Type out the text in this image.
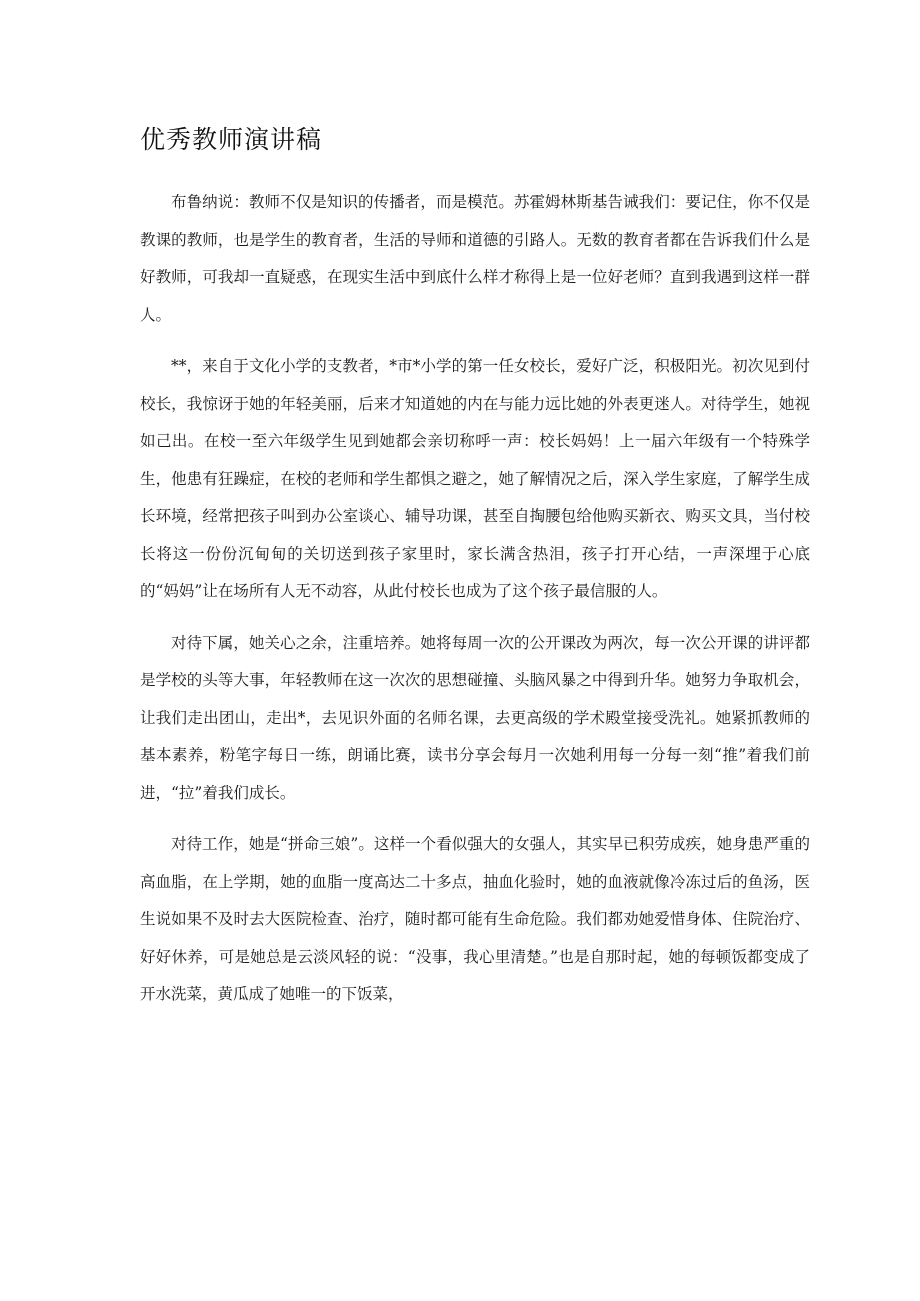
优秀教师演讲稿

布鲁纳说：教师不仅是知识的传播者，而是模范。苏霍姆林斯基告诫我们：要记住，你不仅是教课的教师，也是学生的教育者，生活的导师和道德的引路人。无数的教育者都在告诉我们什么是好教师，可我却一直疑惑，在现实生活中到底什么样才称得上是一位好老师？直到我遇到这样一群人。

**，来自于文化小学的支教者，*市*小学的第一任女校长，爱好广泛，积极阳光。初次见到付校长，我惊讶于她的年轻美丽，后来才知道她的内在与能力远比她的外表更迷人。对待学生，她视如己出。在校一至六年级学生见到她都会亲切称呼一声：校长妈妈！上一届六年级有一个特殊学生，他患有狂躁症，在校的老师和学生都惧之避之，她了解情况之后，深入学生家庭，了解学生成长环境，经常把孩子叫到办公室谈心、辅导功课，甚至自掏腰包给他购买新衣、购买文具，当付校长将这一份份沉甸甸的关切送到孩子家里时，家长满含热泪，孩子打开心结，一声深埋于心底的“妈妈”让在场所有人无不动容，从此付校长也成为了这个孩子最信服的人。

对待下属，她关心之余，注重培养。她将每周一次的公开课改为两次，每一次公开课的讲评都是学校的头等大事，年轻教师在这一次次的思想碰撞、头脑风暴之中得到升华。她努力争取机会，让我们走出团山，走出*，去见识外面的名师名课，去更高级的学术殿堂接受洗礼。她紧抓教师的基本素养，粉笔字每日一练，朗诵比赛，读书分享会每月一次她利用每一分每一刻“推”着我们前进，“拉”着我们成长。

对待工作，她是“拼命三娘”。这样一个看似强大的女强人，其实早已积劳成疾，她身患严重的高血脂，在上学期，她的血脂一度高达二十多点，抽血化验时，她的血液就像冷冻过后的鱼汤，医生说如果不及时去大医院检查、治疗，随时都可能有生命危险。我们都劝她爱惜身体、住院治疗、好好休养，可是她总是云淡风轻的说：“没事，我心里清楚。”也是自那时起，她的每顿饭都变成了开水洗菜，黄瓜成了她唯一的下饭菜，
